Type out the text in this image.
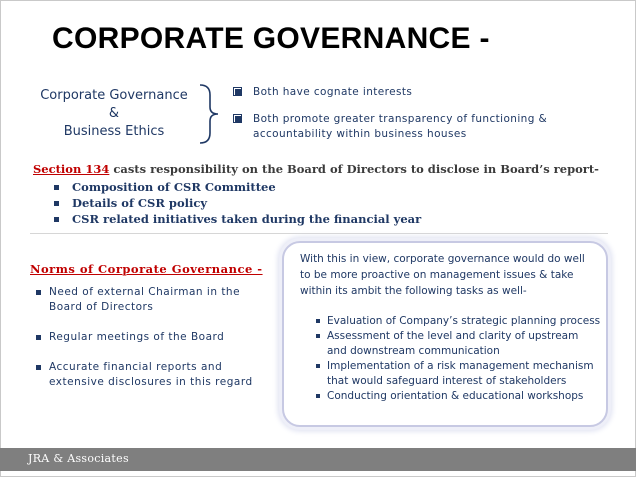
CORPORATE GOVERNANCE -
Corporate Governance
&
Business Ethics
Both have cognate interests
Both promote greater transparency of functioning & accountability within business houses
Section 134 casts responsibility on the Board of Directors to disclose in Board’s report-
Composition of CSR Committee
Details of CSR policy
CSR related initiatives taken during the financial year
Norms of Corporate Governance -
Need of external Chairman in the Board of Directors
Regular meetings of the Board
Accurate financial reports and extensive disclosures in this regard
With this in view, corporate governance would do well to be more proactive on management issues & take within its ambit the following tasks as well-
Evaluation of Company’s strategic planning process
Assessment of the level and clarity of upstream and downstream communication
Implementation of a risk management mechanism that would safeguard interest of stakeholders
Conducting orientation & educational workshops
JRA & Associates
